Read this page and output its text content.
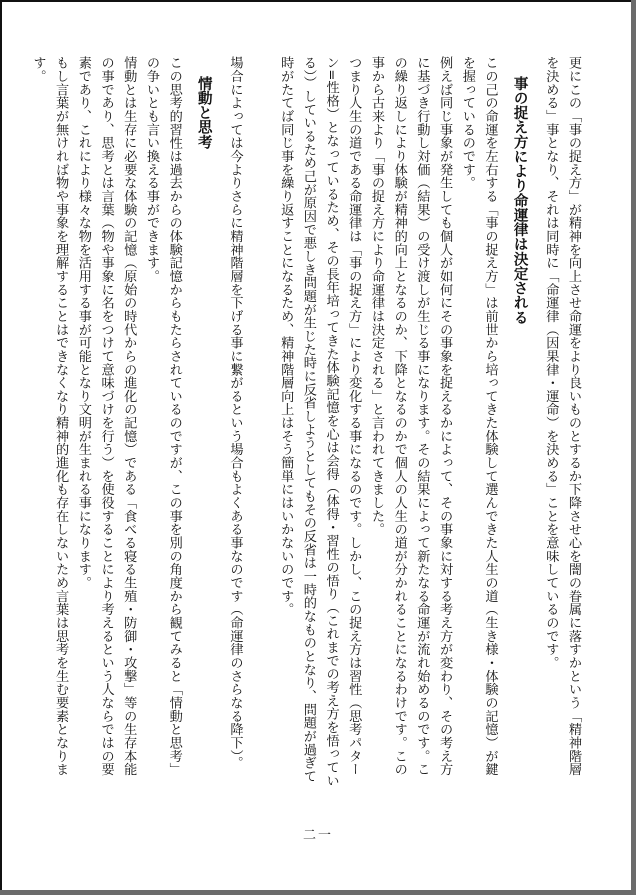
更にこの「事の捉え方」が精神を向上させ命運をより良いものとするか下降させ心を闇の眷属に落すかという「精神階層を決める」事となり、それは同時に「命運律（因果律・運命）を決める」ことを意味しているのです。

事の捉え方により命運律は決定される

この己の命運を左右する「事の捉え方」は前世から培ってきた体験して選んできた人生の道（生き様・体験の記憶）が鍵を握っているのです。

例えば同じ事象が発生しても個人が如何にその事象を捉えるかによって、その事象に対する考え方が変わり、その考え方に基づき行動し対価（結果）の受け渡しが生じる事になります。その結果によって新たなる命運が流れ始めるのです。この繰り返しにより体験が精神的向上となるのか、下降となるのかで個人の人生の道が分かれることになるわけです。この事から古来より「事の捉え方により命運律は決定される」と言われてきました。

つまり人生の道である命運律は「事の捉え方」により変化する事になるのです。しかし、この捉え方は習性（思考パターン=性格）となっているため、その長年培ってきた体験記憶を心は会得（体得・習性の悟り（これまでの考え方を悟っている））しているため己が原因で悪しき問題が生じた時に反省しようとしてもその反省は一時的なものとなり、問題が過ぎて時がたてば同じ事を繰り返すことになるため、精神階層向上はそう簡単にはいかないのです。

場合によっては今よりさらに精神階層を下げる事に繋がるという場合もよくある事なのです（命運律のさらなる降下）。

情動と思考

この思考的習性は過去からの体験記憶からもたらされているのですが、この事を別の角度から観てみると「情動と思考」の争いとも言い換える事ができます。

情動とは生存に必要な体験の記憶（原始の時代からの進化の記憶）である「食べる寝る生殖・防御・攻撃」等の生存本能の事であり、思考とは言葉（物や事象に名をつけて意味づけを行う）を使役することにより考えるという人ならではの要素であり、これにより様々な物を活用する事が可能となり文明が生まれる事になります。

もし言葉が無ければ物や事象を理解することはできなくなり精神的進化も存在しないため言葉は思考を生む要素となります。

二一
